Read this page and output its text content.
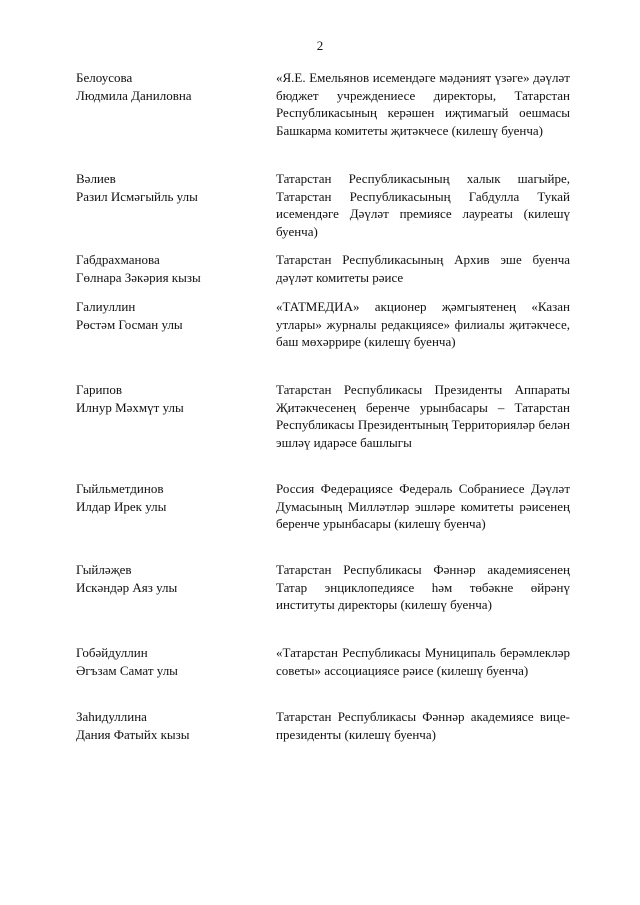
2
Белоусова
Людмила Даниловна
«Я.Е. Емельянов исемендәге мәдәният үзәге» дәүләт бюджет учреждениесе директоры, Татарстан Республикасының керәшен иҗтимагый оешмасы Башкарма комитеты җитәкчесе (килешү буенча)
Вәлиев
Разил Исмәгыйль улы
Татарстан Республикасының халык шагыйре, Татарстан Республикасының Габдулла Тукай исемендәге Дәүләт премиясе лауреаты (килешү буенча)
Габдрахманова
Гөлнара Зәкәрия кызы
Татарстан Республикасының Архив эше буенча дәүләт комитеты рәисе
Галиуллин
Рөстәм Госман улы
«ТАТМЕДИА» акционер җәмгыятенең «Казан утлары» журналы редакциясе» филиалы җитәкчесе, баш мөхәррире (килешү буенча)
Гарипов
Илнур Мәхмүт улы
Татарстан Республикасы Президенты Аппараты Җитәкчесенең беренче урынбасары – Татарстан Республикасы Президентының Территорияләр белән эшләү идарәсе башлыгы
Гыйльметдинов
Илдар Ирек улы
Россия Федерациясе Федераль Собраниесе Дәүләт Думасының Милләтләр эшләре комитеты рәисенең беренче урынбасары (килешү буенча)
Гыйләҗев
Искәндәр Аяз улы
Татарстан Республикасы Фәннәр академиясенең Татар энциклопедиясе һәм төбәкне өйрәнү институты директоры (килешү буенча)
Гобәйдуллин
Әгъзам Самат улы
«Татарстан Республикасы Муниципаль берәмлекләр советы» ассоциациясе рәисе (килешү буенча)
Заһидуллина
Дания Фатыйх кызы
Татарстан Республикасы Фәннәр академиясе вице-президенты (килешү буенча)
